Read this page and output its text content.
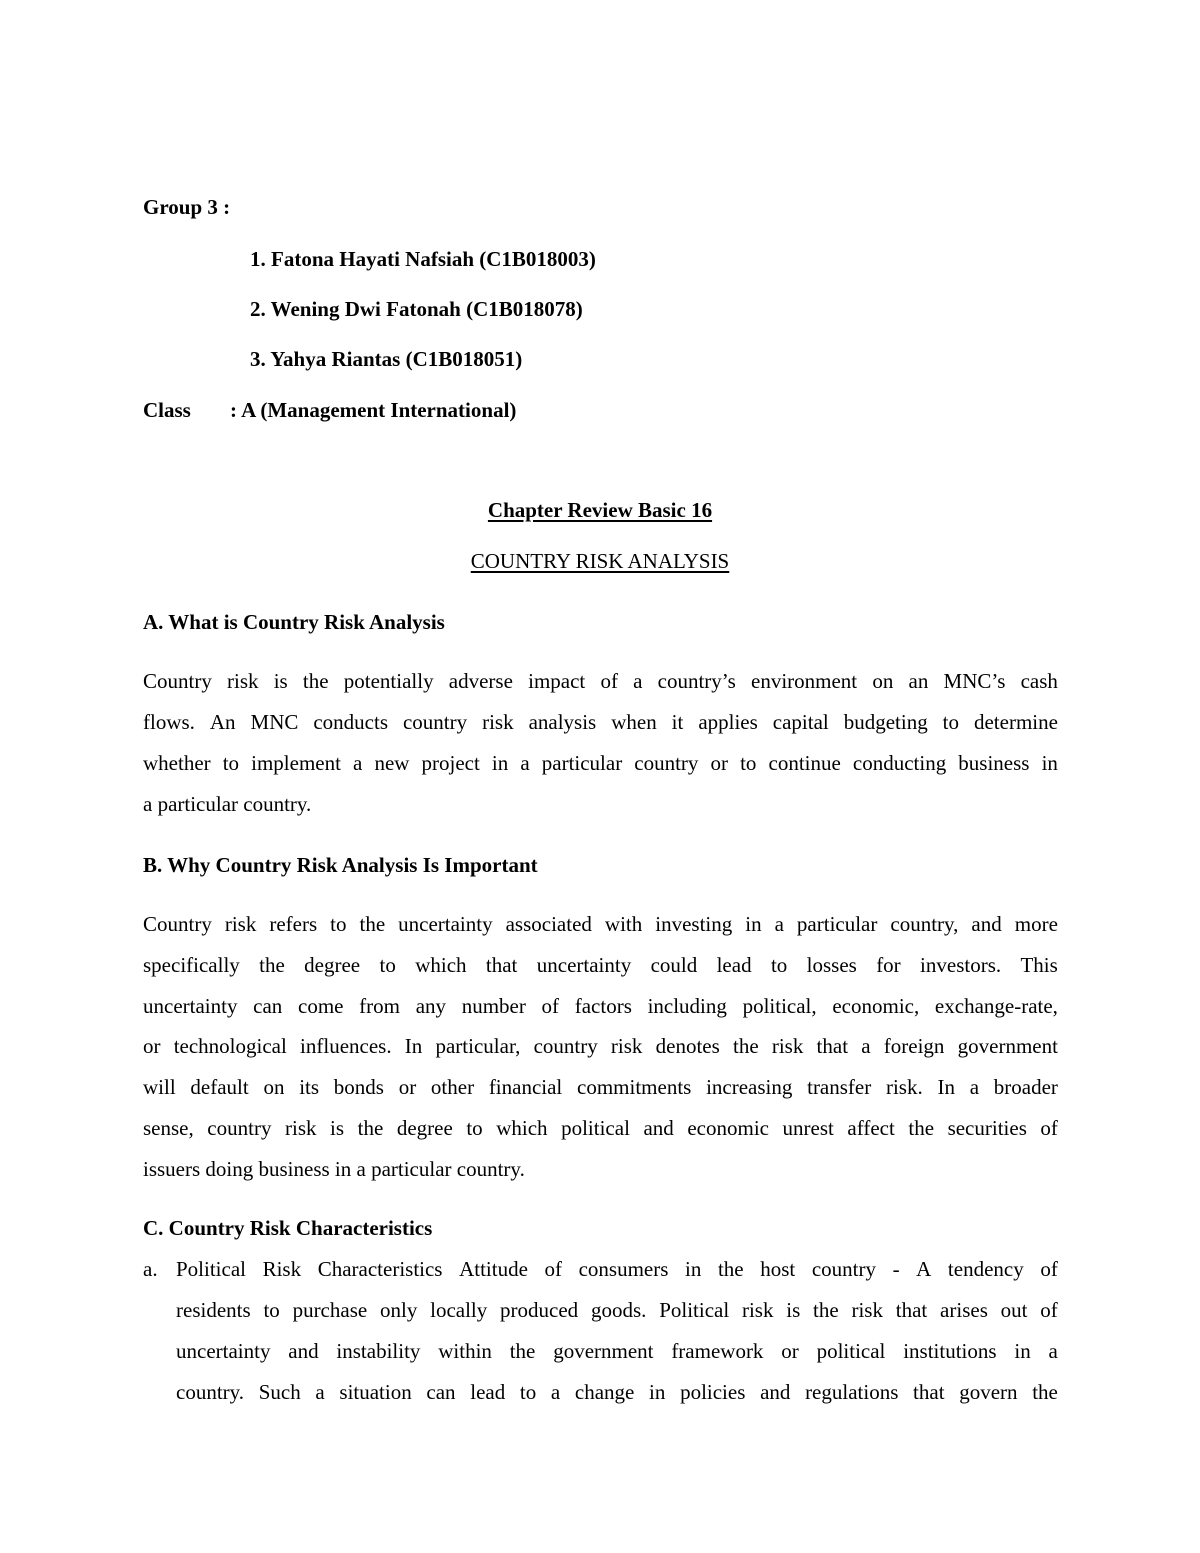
Group 3 :
1. Fatona Hayati Nafsiah (C1B018003)
2. Wening Dwi Fatonah (C1B018078)
3. Yahya Riantas (C1B018051)
Class : A (Management International)
Chapter Review Basic 16
COUNTRY RISK ANALYSIS
A. What is Country Risk Analysis
Country risk is the potentially adverse impact of a country’s environment on an MNC’s cash
flows. An MNC conducts country risk analysis when it applies capital budgeting to determine
whether to implement a new project in a particular country or to continue conducting business in
a particular country.
B. Why Country Risk Analysis Is Important
Country risk refers to the uncertainty associated with investing in a particular country, and more
specifically the degree to which that uncertainty could lead to losses for investors. This
uncertainty can come from any number of factors including political, economic, exchange-rate,
or technological influences. In particular, country risk denotes the risk that a foreign government
will default on its bonds or other financial commitments increasing transfer risk. In a broader
sense, country risk is the degree to which political and economic unrest affect the securities of
issuers doing business in a particular country.
C. Country Risk Characteristics
a. Political Risk Characteristics Attitude of consumers in the host country - A tendency of
residents to purchase only locally produced goods. Political risk is the risk that arises out of
uncertainty and instability within the government framework or political institutions in a
country. Such a situation can lead to a change in policies and regulations that govern the
